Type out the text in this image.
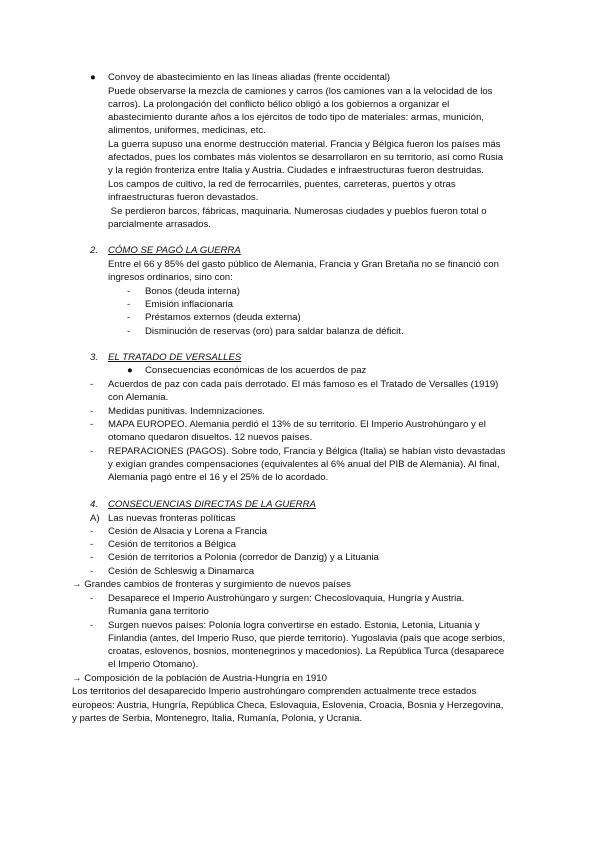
● Convoy de abastecimiento en las líneas aliadas (frente occidental)
Puede observarse la mezcla de camiones y carros (los camiones van a la velocidad de los
carros). La prolongación del conflicto bélico obligó a los gobiernos a organizar el
abastecimiento durante años a los ejércitos de todo tipo de materiales: armas, munición,
alimentos, uniformes, medicinas, etc.
La guerra supuso una enorme destrucción material. Francia y Bélgica fueron los países más
afectados, pues los combates más violentos se desarrollaron en su territorio, así como Rusia
y la región fronteriza entre Italia y Austria. Ciudades e infraestructuras fueron destruidas.
Los campos de cultivo, la red de ferrocarriles, puentes, carreteras, puertos y otras
infraestructuras fueron devastados.
Se perdieron barcos, fábricas, maquinaria. Numerosas ciudades y pueblos fueron total o
parcialmente arrasados.
2. CÓMO SE PAGÓ LA GUERRA
Entre el 66 y 85% del gasto público de Alemania, Francia y Gran Bretaña no se financió con
ingresos ordinarios, sino con:
- Bonos (deuda interna)
- Emisión inflacionaria
- Préstamos externos (deuda externa)
- Disminución de reservas (oro) para saldar balanza de déficit.
3. EL TRATADO DE VERSALLES
● Consecuencias económicas de los acuerdos de paz
- Acuerdos de paz con cada país derrotado. El más famoso es el Tratado de Versalles (1919)
con Alemania.
- Medidas punitivas. Indemnizaciones.
- MAPA EUROPEO. Alemania perdió el 13% de su territorio. El Imperio Austrohúngaro y el
otomano quedaron disueltos. 12 nuevos países.
- REPARACIONES (PAGOS). Sobre todo, Francia y Bélgica (Italia) se habían visto devastadas
y exigían grandes compensaciones (equivalentes al 6% anual del PIB de Alemania). Al final,
Alemania pagó entre el 16 y el 25% de lo acordado.
4. CONSECUENCIAS DIRECTAS DE LA GUERRA
A) Las nuevas fronteras políticas
- Cesión de Alsacia y Lorena a Francia
- Cesión de territorios a Bélgica
- Cesión de territorios a Polonia (corredor de Danzig) y a Lituania
- Cesión de Schleswig a Dinamarca
→ Grandes cambios de fronteras y surgimiento de nuevos países
- Desaparece el Imperio Austrohúngaro y surgen: Checoslovaquia, Hungría y Austria.
Rumanía gana territorio
- Surgen nuevos países: Polonia logra convertirse en estado. Estonia, Letonia, Lituania y
Finlandia (antes, del Imperio Ruso, que pierde territorio). Yugoslavia (país que acoge serbios,
croatas, eslovenos, bosnios, montenegrinos y macedonios). La República Turca (desaparece
el Imperio Otomano).
→ Composición de la población de Austria-Hungría en 1910
Los territorios del desaparecido Imperio austrohúngaro comprenden actualmente trece estados
europeos: Austria, Hungría, República Checa, Eslovaquia, Eslovenia, Croacia, Bosnia y Herzegovina,
y partes de Serbia, Montenegro, Italia, Rumanía, Polonia, y Ucrania.
